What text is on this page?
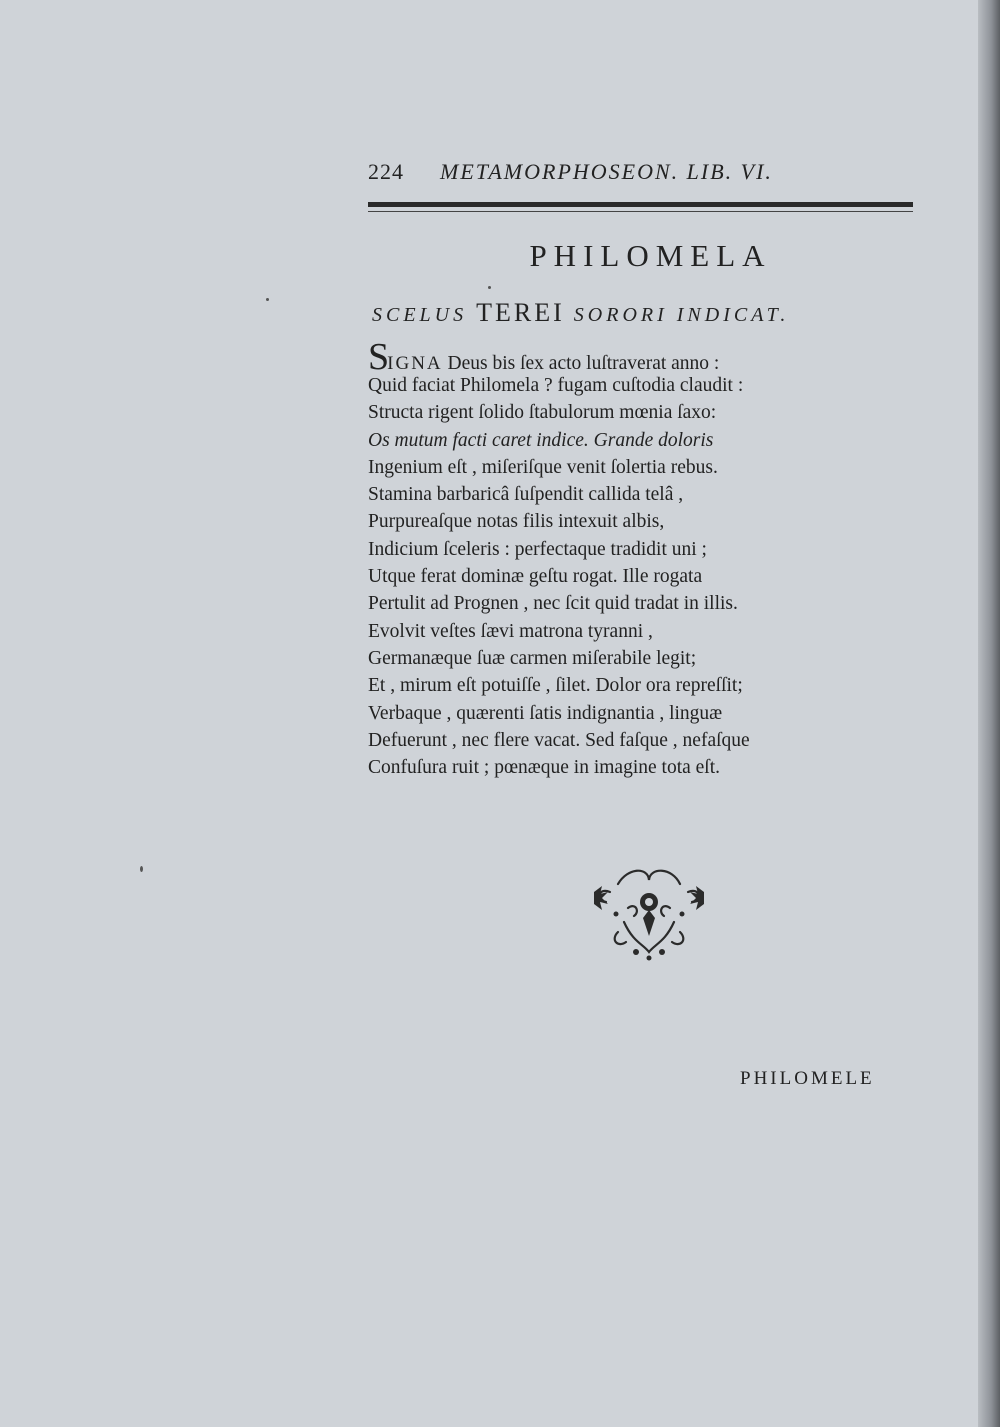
224 METAMORPHOSEON. LIB. VI.
PHILOMELA
SCELUS TEREI SORORI INDICAT.
SIGNA Deus bis ſex acto luſtraverat anno :
Quid faciat Philomela ? fugam cuſtodia claudit :
Structa rigent ſolido ſtabulorum mœnia ſaxo:
Os mutum facti caret indice. Grande doloris
Ingenium eſt , miſeriſque venit ſolertia rebus.
Stamina barbaricâ ſuſpendit callida telâ ,
Purpureaſque notas filis intexuit albis,
Indicium ſceleris : perfectaque tradidit uni ;
Utque ferat dominæ geſtu rogat. Ille rogata
Pertulit ad Prognen , nec ſcit quid tradat in illis.
Evolvit veſtes ſævi matrona tyranni ,
Germanæque ſuæ carmen miſerabile legit;
Et , mirum eſt potuiſſe , ſilet. Dolor ora repreſſit;
Verbaque , quærenti ſatis indignantia , linguæ
Defuerunt , nec flere vacat. Sed faſque , nefaſque
Confuſura ruit ; pœnæque in imagine tota eſt.
PHILOMELE
